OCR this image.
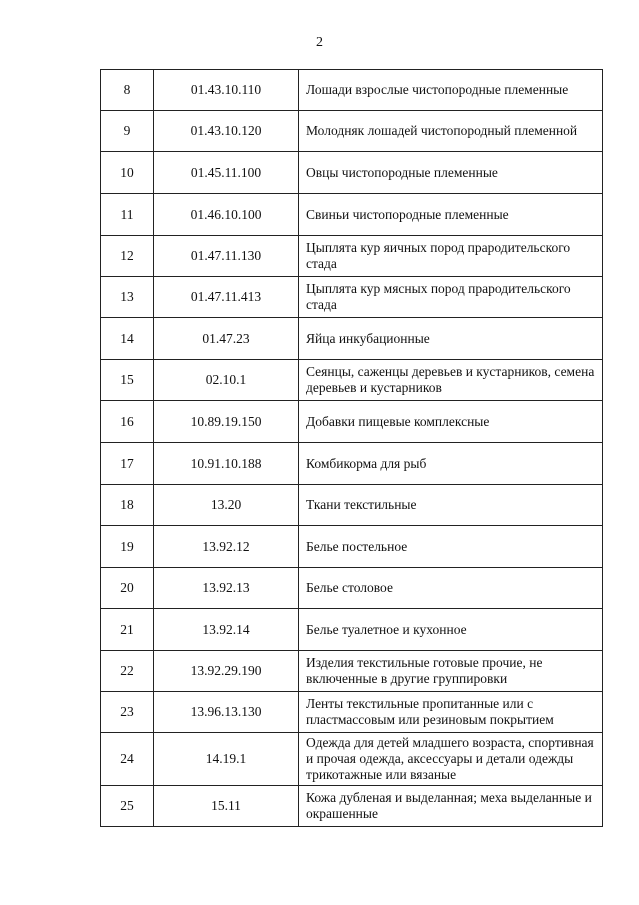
2
8	01.43.10.110	Лошади взрослые чистопородные племенные
9	01.43.10.120	Молодняк лошадей чистопородный племенной
10	01.45.11.100	Овцы чистопородные племенные
11	01.46.10.100	Свиньи чистопородные племенные
12	01.47.11.130	Цыплята кур яичных пород прародительского стада
13	01.47.11.413	Цыплята кур мясных пород прародительского стада
14	01.47.23	Яйца инкубационные
15	02.10.1	Сеянцы, саженцы деревьев и кустарников, семена деревьев и кустарников
16	10.89.19.150	Добавки пищевые комплексные
17	10.91.10.188	Комбикорма для рыб
18	13.20	Ткани текстильные
19	13.92.12	Белье постельное
20	13.92.13	Белье столовое
21	13.92.14	Белье туалетное и кухонное
22	13.92.29.190	Изделия текстильные готовые прочие, не включенные в другие группировки
23	13.96.13.130	Ленты текстильные пропитанные или с пластмассовым или резиновым покрытием
24	14.19.1	Одежда для детей младшего возраста, спортивная и прочая одежда, аксессуары и детали одежды трикотажные или вязаные
25	15.11	Кожа дубленая и выделанная; меха выделанные и окрашенные
